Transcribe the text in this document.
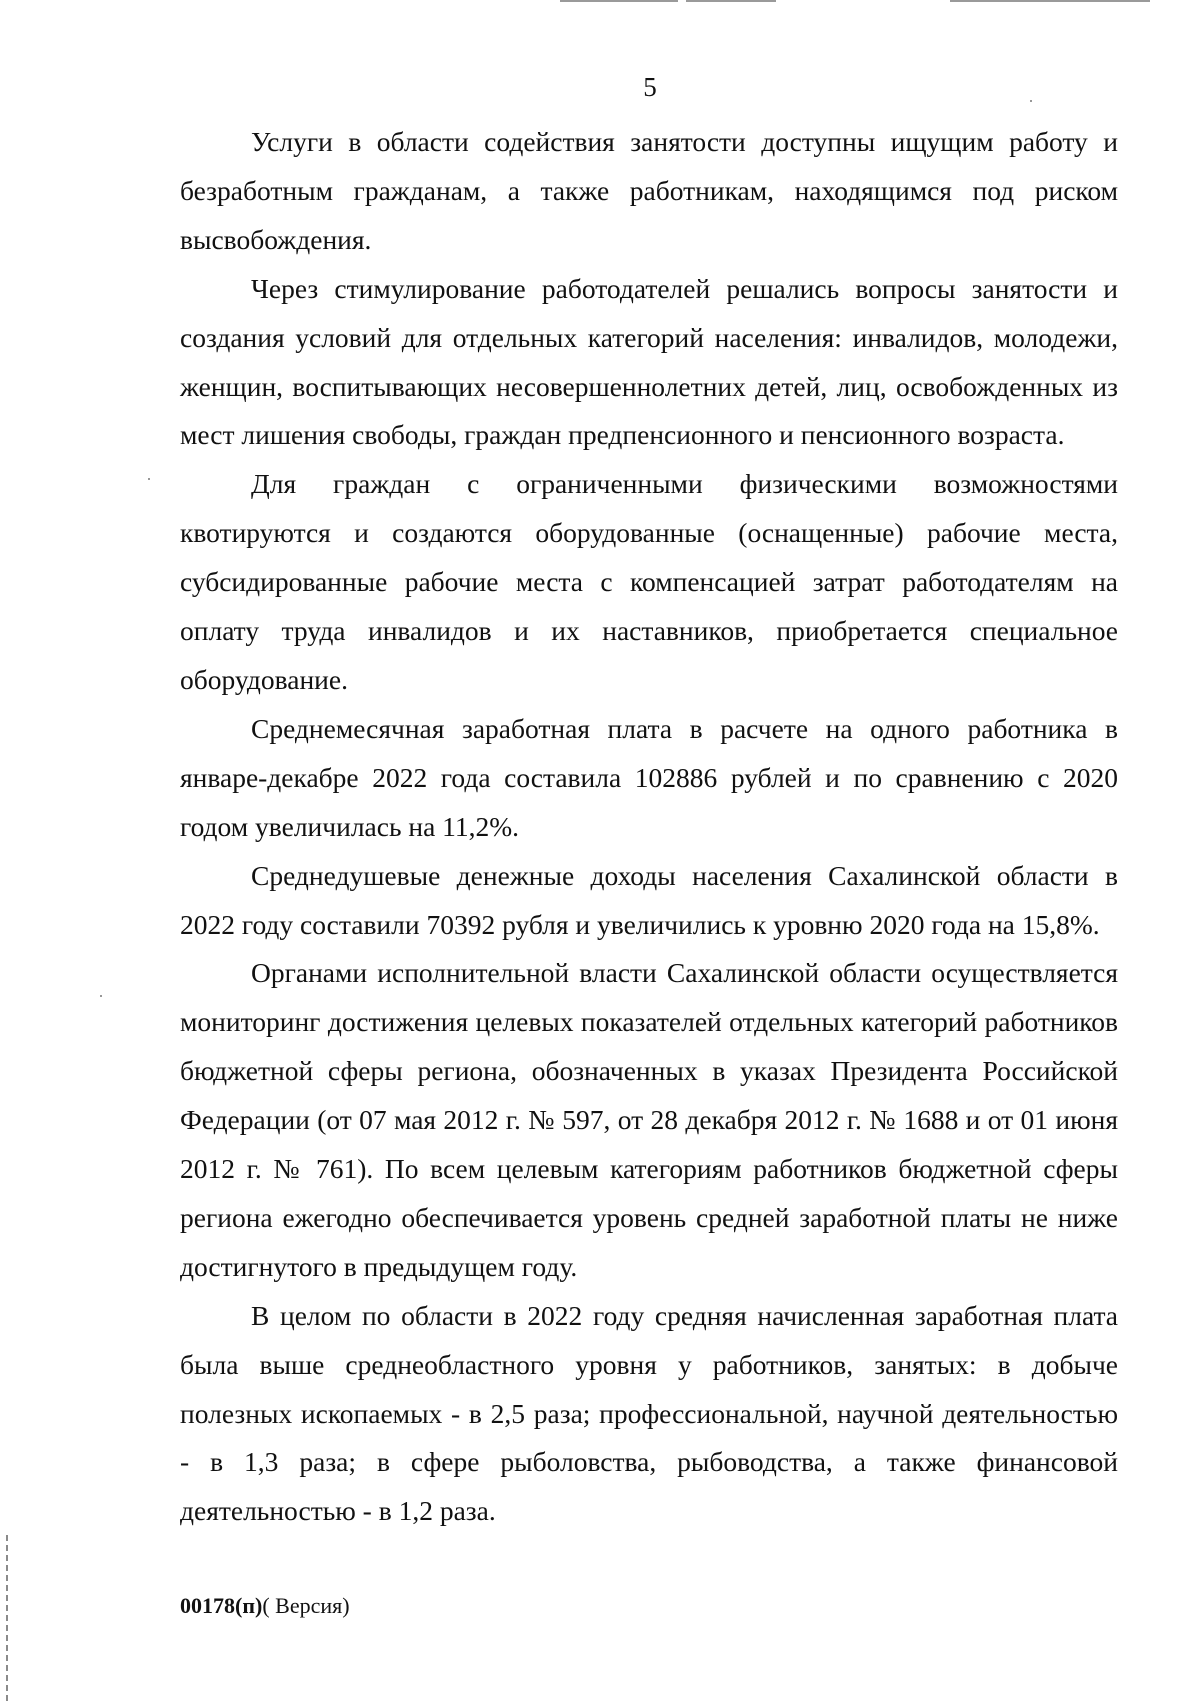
5

Услуги в области содействия занятости доступны ищущим работу и безработным гражданам, а также работникам, находящимся под риском высвобождения.

Через стимулирование работодателей решались вопросы занятости и создания условий для отдельных категорий населения: инвалидов, молодежи, женщин, воспитывающих несовершеннолетних детей, лиц, освобожденных из мест лишения свободы, граждан предпенсионного и пенсионного возраста.

Для граждан с ограниченными физическими возможностями квотируются и создаются оборудованные (оснащенные) рабочие места, субсидированные рабочие места с компенсацией затрат работодателям на оплату труда инвалидов и их наставников, приобретается специальное оборудование.

Среднемесячная заработная плата в расчете на одного работника в январе-декабре 2022 года составила 102886 рублей и по сравнению с 2020 годом увеличилась на 11,2%.

Среднедушевые денежные доходы населения Сахалинской области в 2022 году составили 70392 рубля и увеличились к уровню 2020 года на 15,8%.

Органами исполнительной власти Сахалинской области осуществляется мониторинг достижения целевых показателей отдельных категорий работников бюджетной сферы региона, обозначенных в указах Президента Российской Федерации (от 07 мая 2012 г. № 597, от 28 декабря 2012 г. № 1688 и от 01 июня 2012 г. № 761). По всем целевым категориям работников бюджетной сферы региона ежегодно обеспечивается уровень средней заработной платы не ниже достигнутого в предыдущем году.

В целом по области в 2022 году средняя начисленная заработная плата была выше среднеобластного уровня у работников, занятых: в добыче полезных ископаемых - в 2,5 раза; профессиональной, научной деятельностью - в 1,3 раза; в сфере рыболовства, рыбоводства, а также финансовой деятельностью - в 1,2 раза.

00178(п)( Версия)
